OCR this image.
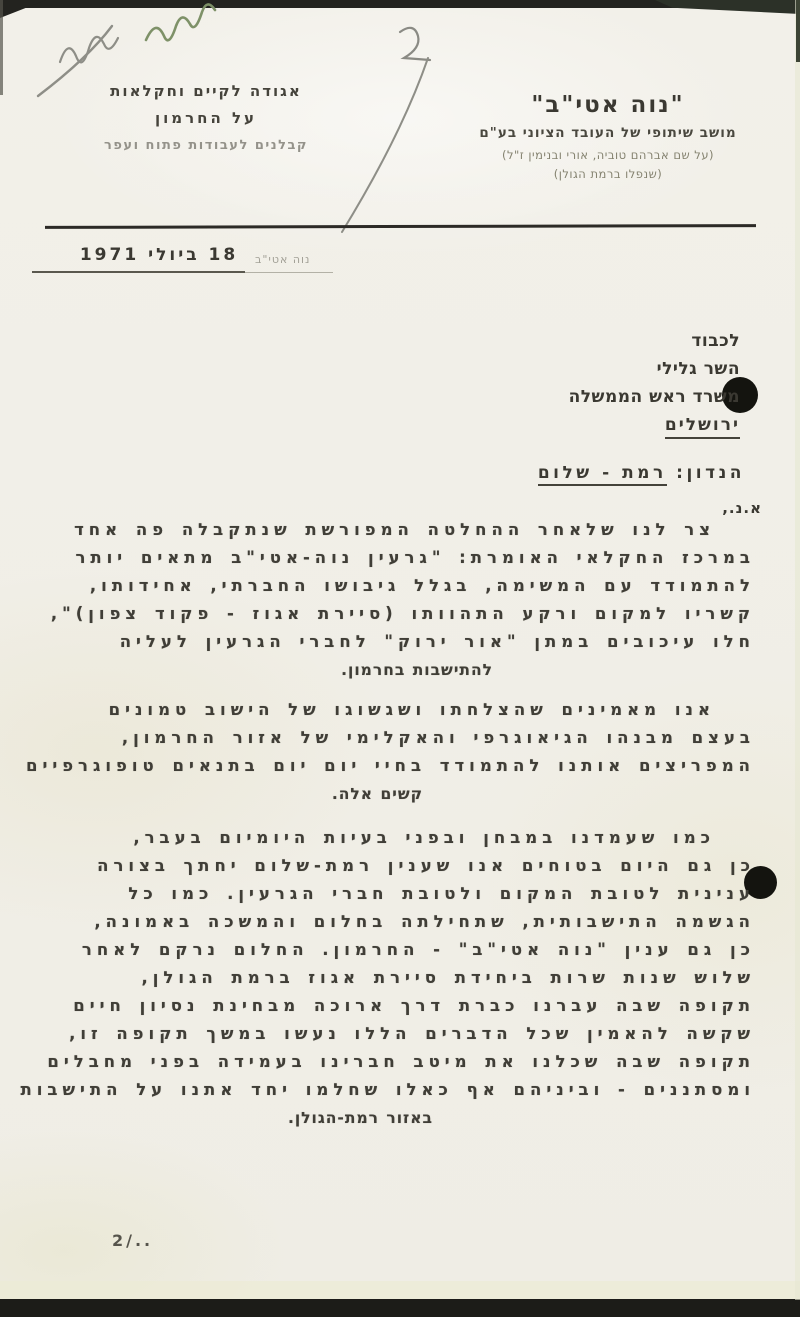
אגודה לקיים וחקלאות
על החרמון
קבלנים לעבודות פתוח ועפר
"נוה אטי"ב"
מושב שיתופי של העובד הציוני בע"ם
(על שם אברהם טוביה, אורי ובנימין ז"ל)
(שנפלו ברמת הגולן)
נוה אטי"ב
18 ביולי 1971
לכבוד
השר גלילי
משרד ראש הממשלה
ירושלים
הנדון: רמת - שלום
א.נ.,
צר לנו שלאחר ההחלטה המפורשת שנתקבלה פה אחד
במרכז החקלאי האומרת: "גרעין נוה-אטי"ב מתאים יותר
להתמודד עם המשימה, בגלל גיבושו החברתי, אחידותו,
קשריו למקום ורקע התהוותו (סיירת אגוז - פקוד צפון)",
חלו עיכובים במתן "אור ירוק" לחברי הגרעין לעליה
להתישבות בחרמון.
אנו מאמינים שהצלחתו ושגשוגו של הישוב טמונים
בעצם מבנהו הגיאוגרפי והאקלימי של אזור החרמון,
המפריצים אותנו להתמודד בחיי יום יום בתנאים טופוגרפיים
קשים אלה.
כמו שעמדנו במבחן ובפני בעיות היומיום בעבר,
כן גם היום בטוחים אנו שענין רמת-שלום יחתך בצורה
ענינית לטובת המקום ולטובת חברי הגרעין. כמו כל
הגשמה התישבותית, שתחילתה בחלום והמשכה באמונה,
כן גם ענין "נוה אטי"ב" - החרמון. החלום נרקם לאחר
שלוש שנות שרות ביחידת סיירת אגוז ברמת הגולן,
תקופה שבה עברנו כברת דרך ארוכה מבחינת נסיון חיים
שקשה להאמין שכל הדברים הללו נעשו במשך תקופה זו,
תקופה שבה שכלנו את מיטב חברינו בעמידה בפני מחבלים
ומסתננים - וביניהם אף כאלו שחלמו יחד אתנו על התישבות
באזור רמת-הגולן.
2/..
